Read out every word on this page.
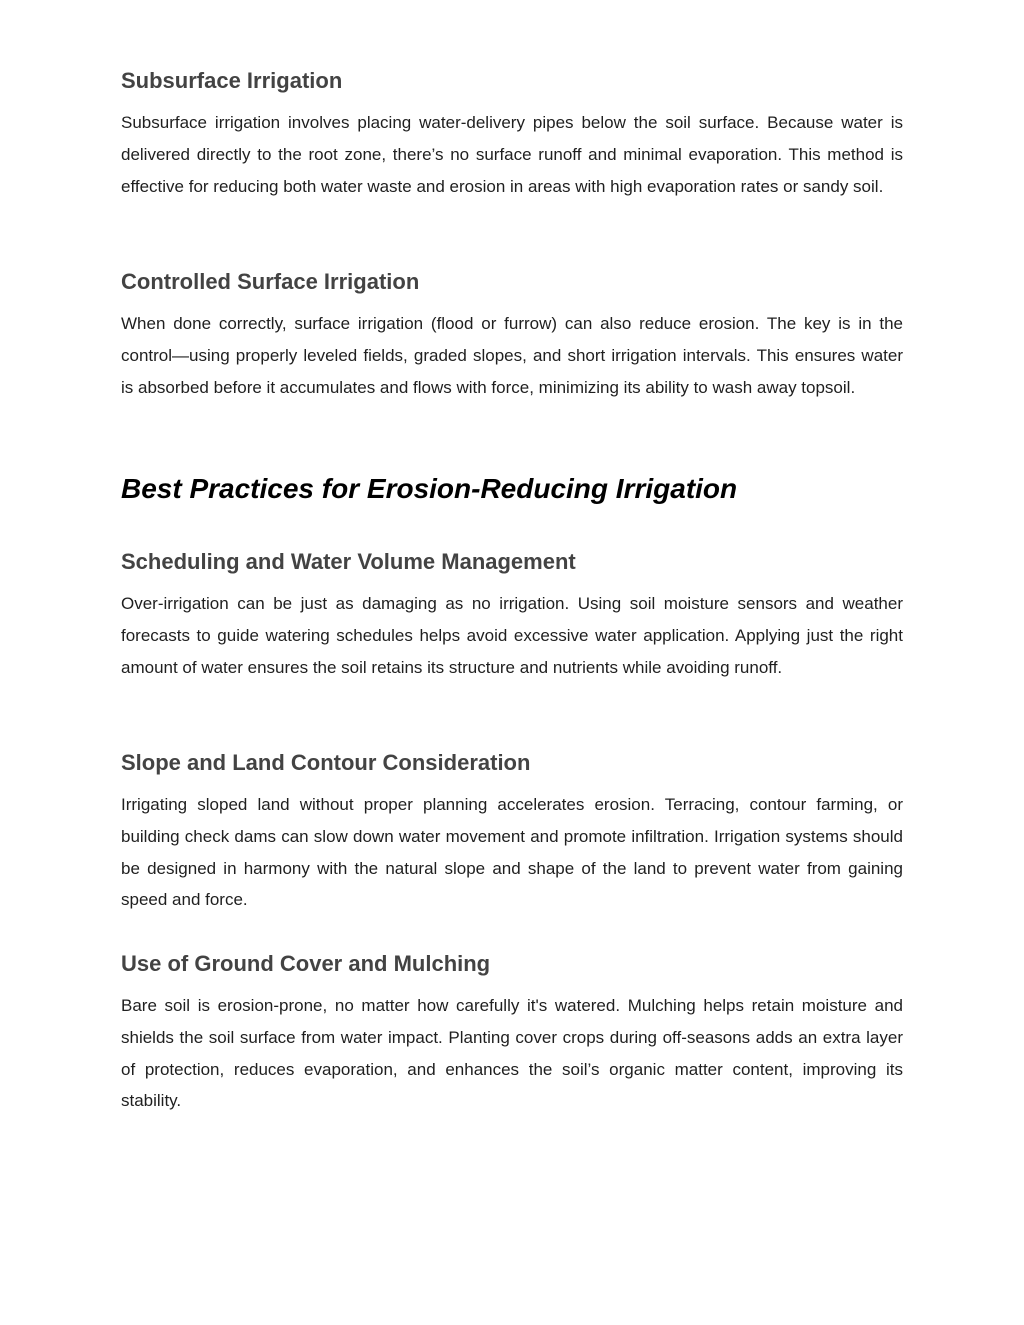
Subsurface Irrigation

Subsurface irrigation involves placing water-delivery pipes below the soil surface. Because water is delivered directly to the root zone, there’s no surface runoff and minimal evaporation. This method is effective for reducing both water waste and erosion in areas with high evaporation rates or sandy soil.

Controlled Surface Irrigation

When done correctly, surface irrigation (flood or furrow) can also reduce erosion. The key is in the control—using properly leveled fields, graded slopes, and short irrigation intervals. This ensures water is absorbed before it accumulates and flows with force, minimizing its ability to wash away topsoil.

Best Practices for Erosion-Reducing Irrigation
Scheduling and Water Volume Management

Over-irrigation can be just as damaging as no irrigation. Using soil moisture sensors and weather forecasts to guide watering schedules helps avoid excessive water application. Applying just the right amount of water ensures the soil retains its structure and nutrients while avoiding runoff.

Slope and Land Contour Consideration

Irrigating sloped land without proper planning accelerates erosion. Terracing, contour farming, or building check dams can slow down water movement and promote infiltration. Irrigation systems should be designed in harmony with the natural slope and shape of the land to prevent water from gaining speed and force.

Use of Ground Cover and Mulching

Bare soil is erosion-prone, no matter how carefully it's watered. Mulching helps retain moisture and shields the soil surface from water impact. Planting cover crops during off-seasons adds an extra layer of protection, reduces evaporation, and enhances the soil’s organic matter content, improving its stability.
